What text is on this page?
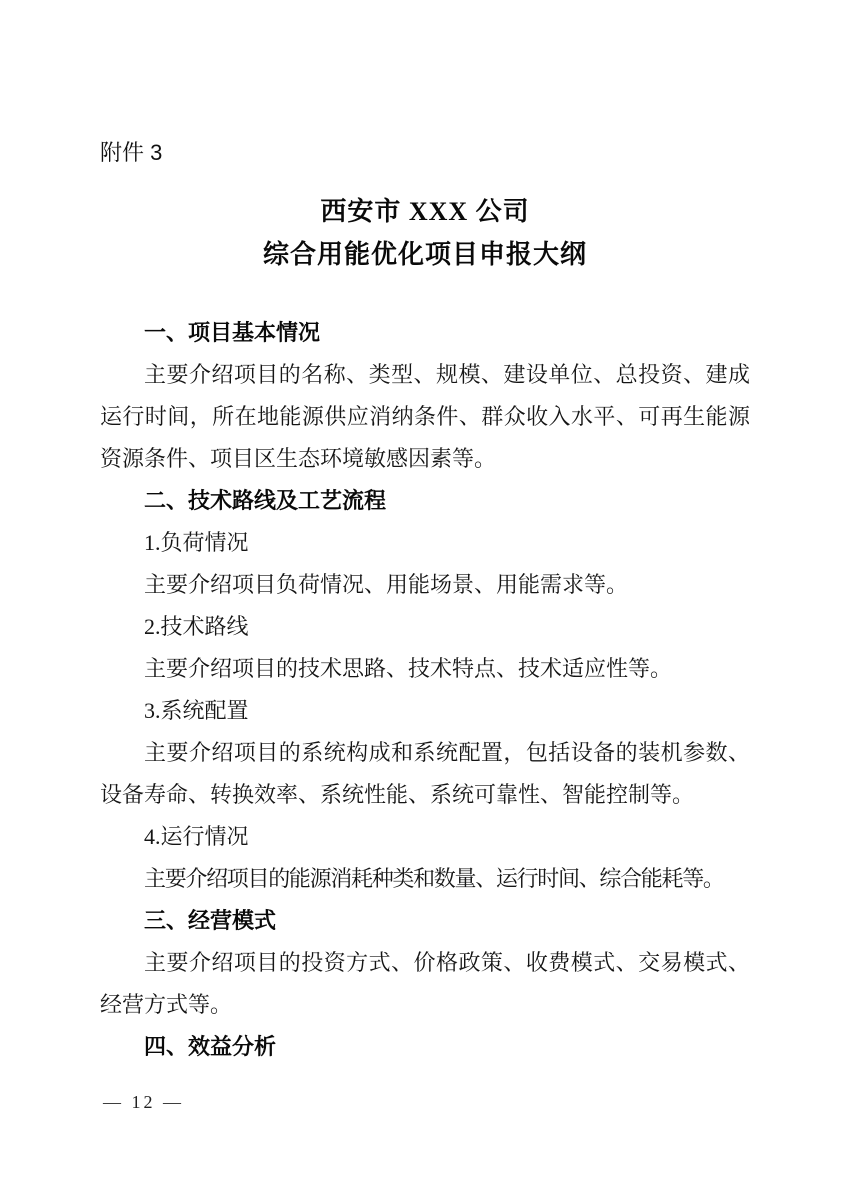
附件 3
西安市 XXX 公司
综合用能优化项目申报大纲
一、项目基本情况

主要介绍项目的名称、类型、规模、建设单位、总投资、建成运行时间，所在地能源供应消纳条件、群众收入水平、可再生能源资源条件、项目区生态环境敏感因素等。

二、技术路线及工艺流程
1.负荷情况

主要介绍项目负荷情况、用能场景、用能需求等。

2.技术路线

主要介绍项目的技术思路、技术特点、技术适应性等。

3.系统配置

主要介绍项目的系统构成和系统配置，包括设备的装机参数、设备寿命、转换效率、系统性能、系统可靠性、智能控制等。

4.运行情况

主要介绍项目的能源消耗种类和数量、运行时间、综合能耗等。

三、经营模式

主要介绍项目的投资方式、价格政策、收费模式、交易模式、经营方式等。

四、效益分析
— 12 —
